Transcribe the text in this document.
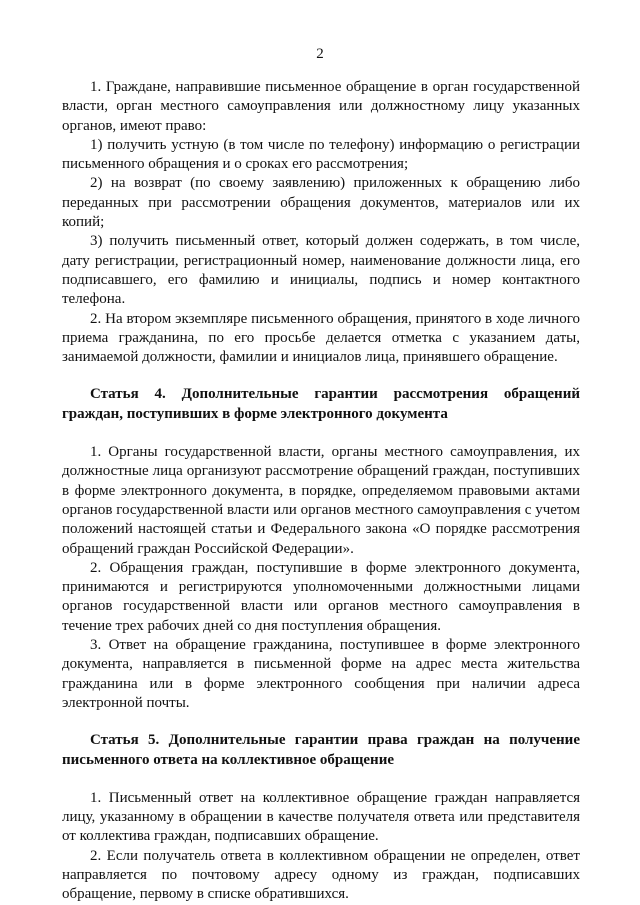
2

1. Граждане, направившие письменное обращение в орган государственной власти, орган местного самоуправления или должностному лицу указанных органов, имеют право:

1) получить устную (в том числе по телефону) информацию о регистрации письменного обращения и о сроках его рассмотрения;

2) на возврат (по своему заявлению) приложенных к обращению либо переданных при рассмотрении обращения документов, материалов или их копий;

3) получить письменный ответ, который должен содержать, в том числе, дату регистрации, регистрационный номер, наименование должности лица, его подписавшего, его фамилию и инициалы, подпись и номер контактного телефона.

2. На втором экземпляре письменного обращения, принятого в ходе личного приема гражданина, по его просьбе делается отметка с указанием даты, занимаемой должности, фамилии и инициалов лица, принявшего обращение.

Статья 4. Дополнительные гарантии рассмотрения обращений граждан, поступивших в форме электронного документа

1. Органы государственной власти, органы местного самоуправления, их должностные лица организуют рассмотрение обращений граждан, поступивших в форме электронного документа, в порядке, определяемом правовыми актами органов государственной власти или органов местного самоуправления с учетом положений настоящей статьи и Федерального закона «О порядке рассмотрения обращений граждан Российской Федерации».

2. Обращения граждан, поступившие в форме электронного документа, принимаются и регистрируются уполномоченными должностными лицами органов государственной власти или органов местного самоуправления в течение трех рабочих дней со дня поступления обращения.

3. Ответ на обращение гражданина, поступившее в форме электронного документа, направляется в письменной форме на адрес места жительства гражданина или в форме электронного сообщения при наличии адреса электронной почты.

Статья 5. Дополнительные гарантии права граждан на получение письменного ответа на коллективное обращение

1. Письменный ответ на коллективное обращение граждан направляется лицу, указанному в обращении в качестве получателя ответа или представителя от коллектива граждан, подписавших обращение.

2. Если получатель ответа в коллективном обращении не определен, ответ направляется по почтовому адресу одному из граждан, подписавших обращение, первому в списке обратившихся.
